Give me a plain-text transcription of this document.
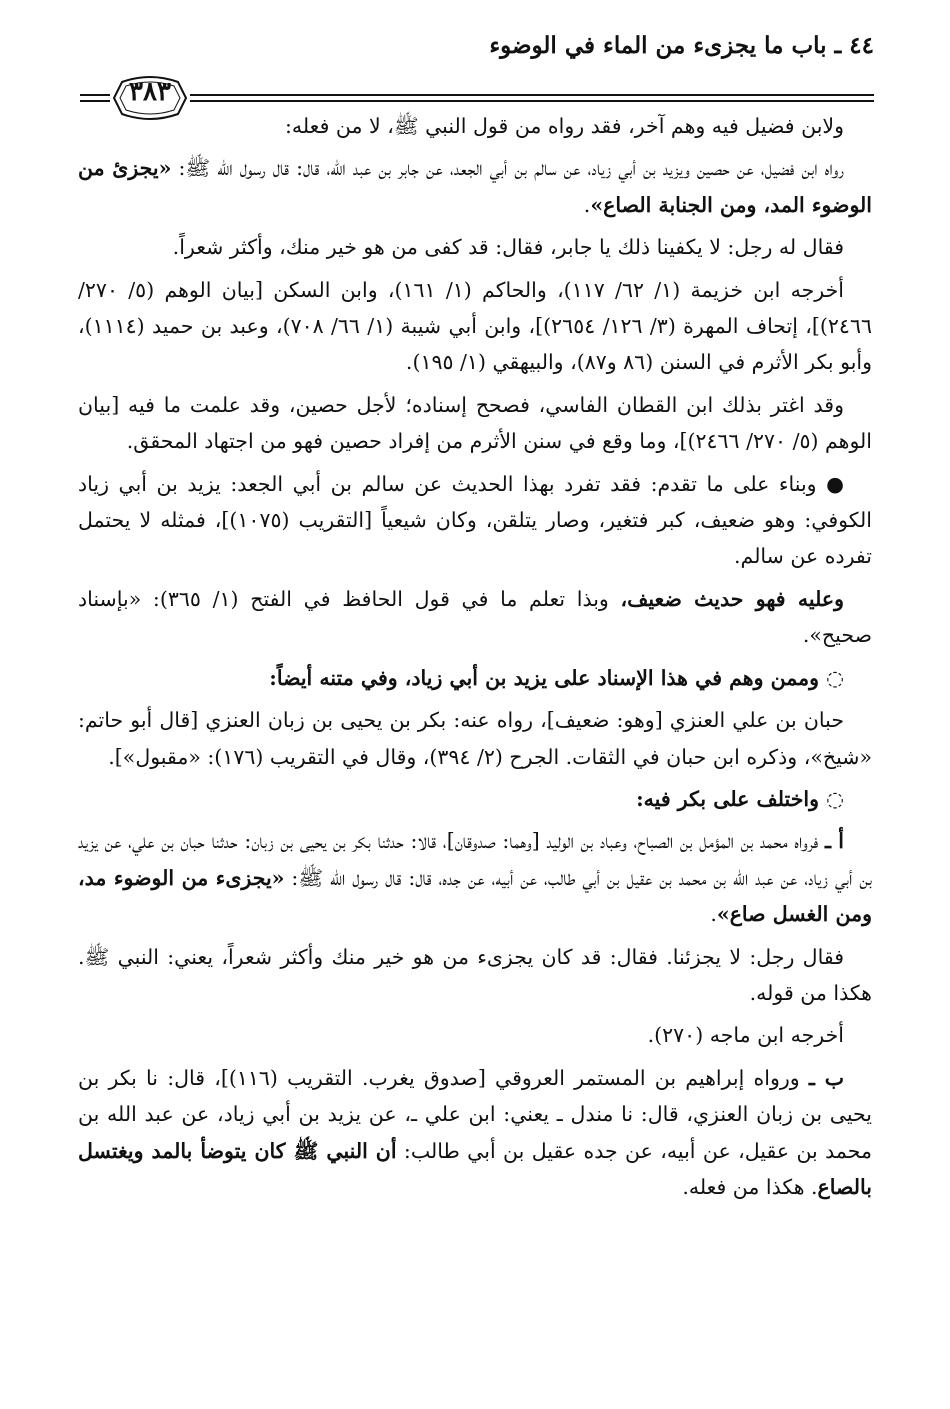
٤٤ ـ باب ما يجزىء من الماء في الوضوء
٣٨٣

ولابن فضيل فيه وهم آخر، فقد رواه من قول النبي ﷺ، لا من فعله:

رواه ابن فضيل، عن حصين ويزيد بن أبي زياد، عن سالم بن أبي الجعد، عن جابر بن عبد الله، قال: قال رسول الله ﷺ: «يجزئ من الوضوء المد، ومن الجنابة الصاع».

فقال له رجل: لا يكفينا ذلك يا جابر، فقال: قد كفى من هو خير منك، وأكثر شعراً.

أخرجه ابن خزيمة (١/ ٦٢/ ١١٧)، والحاكم (١/ ١٦١)، وابن السكن [بيان الوهم (٥/ ٢٧٠/ ٢٤٦٦)]، إتحاف المهرة (٣/ ١٢٦/ ٢٦٥٤)]، وابن أبي شيبة (١/ ٦٦/ ٧٠٨)، وعبد بن حميد (١١١٤)، وأبو بكر الأثرم في السنن (٨٦ و٨٧)، والبيهقي (١/ ١٩٥).

وقد اغتر بذلك ابن القطان الفاسي، فصحح إسناده؛ لأجل حصين، وقد علمت ما فيه [بيان الوهم (٥/ ٢٧٠/ ٢٤٦٦)]، وما وقع في سنن الأثرم من إفراد حصين فهو من اجتهاد المحقق.

● وبناء على ما تقدم: فقد تفرد بهذا الحديث عن سالم بن أبي الجعد: يزيد بن أبي زياد الكوفي: وهو ضعيف، كبر فتغير، وصار يتلقن، وكان شيعياً [التقريب (١٠٧٥)]، فمثله لا يحتمل تفرده عن سالم.

وعليه فهو حديث ضعيف، وبذا تعلم ما في قول الحافظ في الفتح (١/ ٣٦٥): «بإسناد صحيح».

◌ وممن وهم في هذا الإسناد على يزيد بن أبي زياد، وفي متنه أيضاً:

حبان بن علي العنزي [وهو: ضعيف]، رواه عنه: بكر بن يحيى بن زبان العنزي [قال أبو حاتم: «شيخ»، وذكره ابن حبان في الثقات. الجرح (٢/ ٣٩٤)، وقال في التقريب (١٧٦): «مقبول»].

◌ واختلف على بكر فيه:

أ ـ فرواه محمد بن المؤمل بن الصباح، وعباد بن الوليد [وهما: صدوقان]، قالا: حدثنا بكر بن يحيى بن زبان: حدثنا حبان بن علي، عن يزيد بن أبي زياد، عن عبد الله بن محمد بن عقيل بن أبي طالب، عن أبيه، عن جده، قال: قال رسول الله ﷺ: «يجزىء من الوضوء مد، ومن الغسل صاع».

فقال رجل: لا يجزئنا. فقال: قد كان يجزىء من هو خير منك وأكثر شعراً، يعني: النبي ﷺ. هكذا من قوله.

أخرجه ابن ماجه (٢٧٠).

ب ـ ورواه إبراهيم بن المستمر العروقي [صدوق يغرب. التقريب (١١٦)]، قال: نا بكر بن يحيى بن زبان العنزي، قال: نا مندل ـ يعني: ابن علي ـ، عن يزيد بن أبي زياد، عن عبد الله بن محمد بن عقيل، عن أبيه، عن جده عقيل بن أبي طالب: أن النبي ﷺ كان يتوضأ بالمد ويغتسل بالصاع. هكذا من فعله.
